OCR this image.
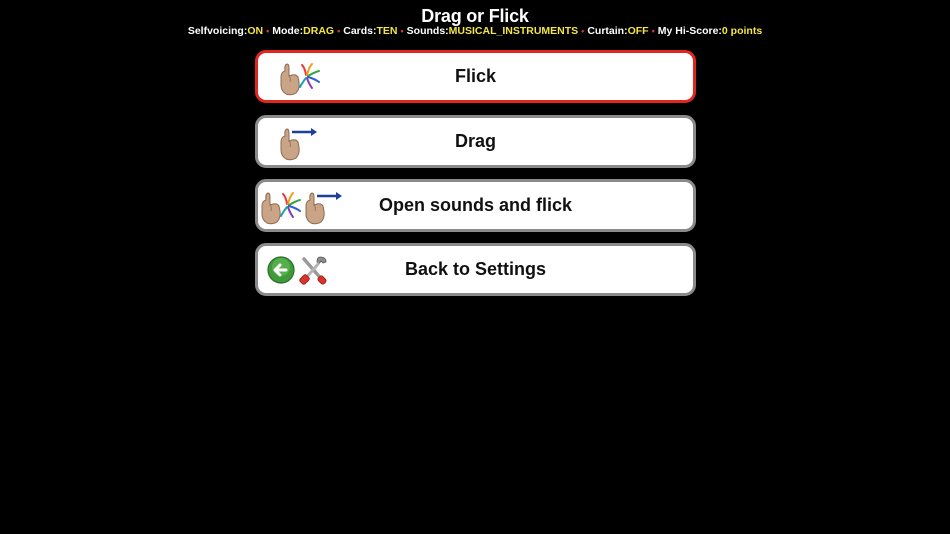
Drag or Flick
Selfvoicing:ON • Mode:DRAG • Cards:TEN • Sounds:MUSICAL_INSTRUMENTS • Curtain:OFF • My Hi-Score:0 points
Flick
Drag
Open sounds and flick
Back to Settings
